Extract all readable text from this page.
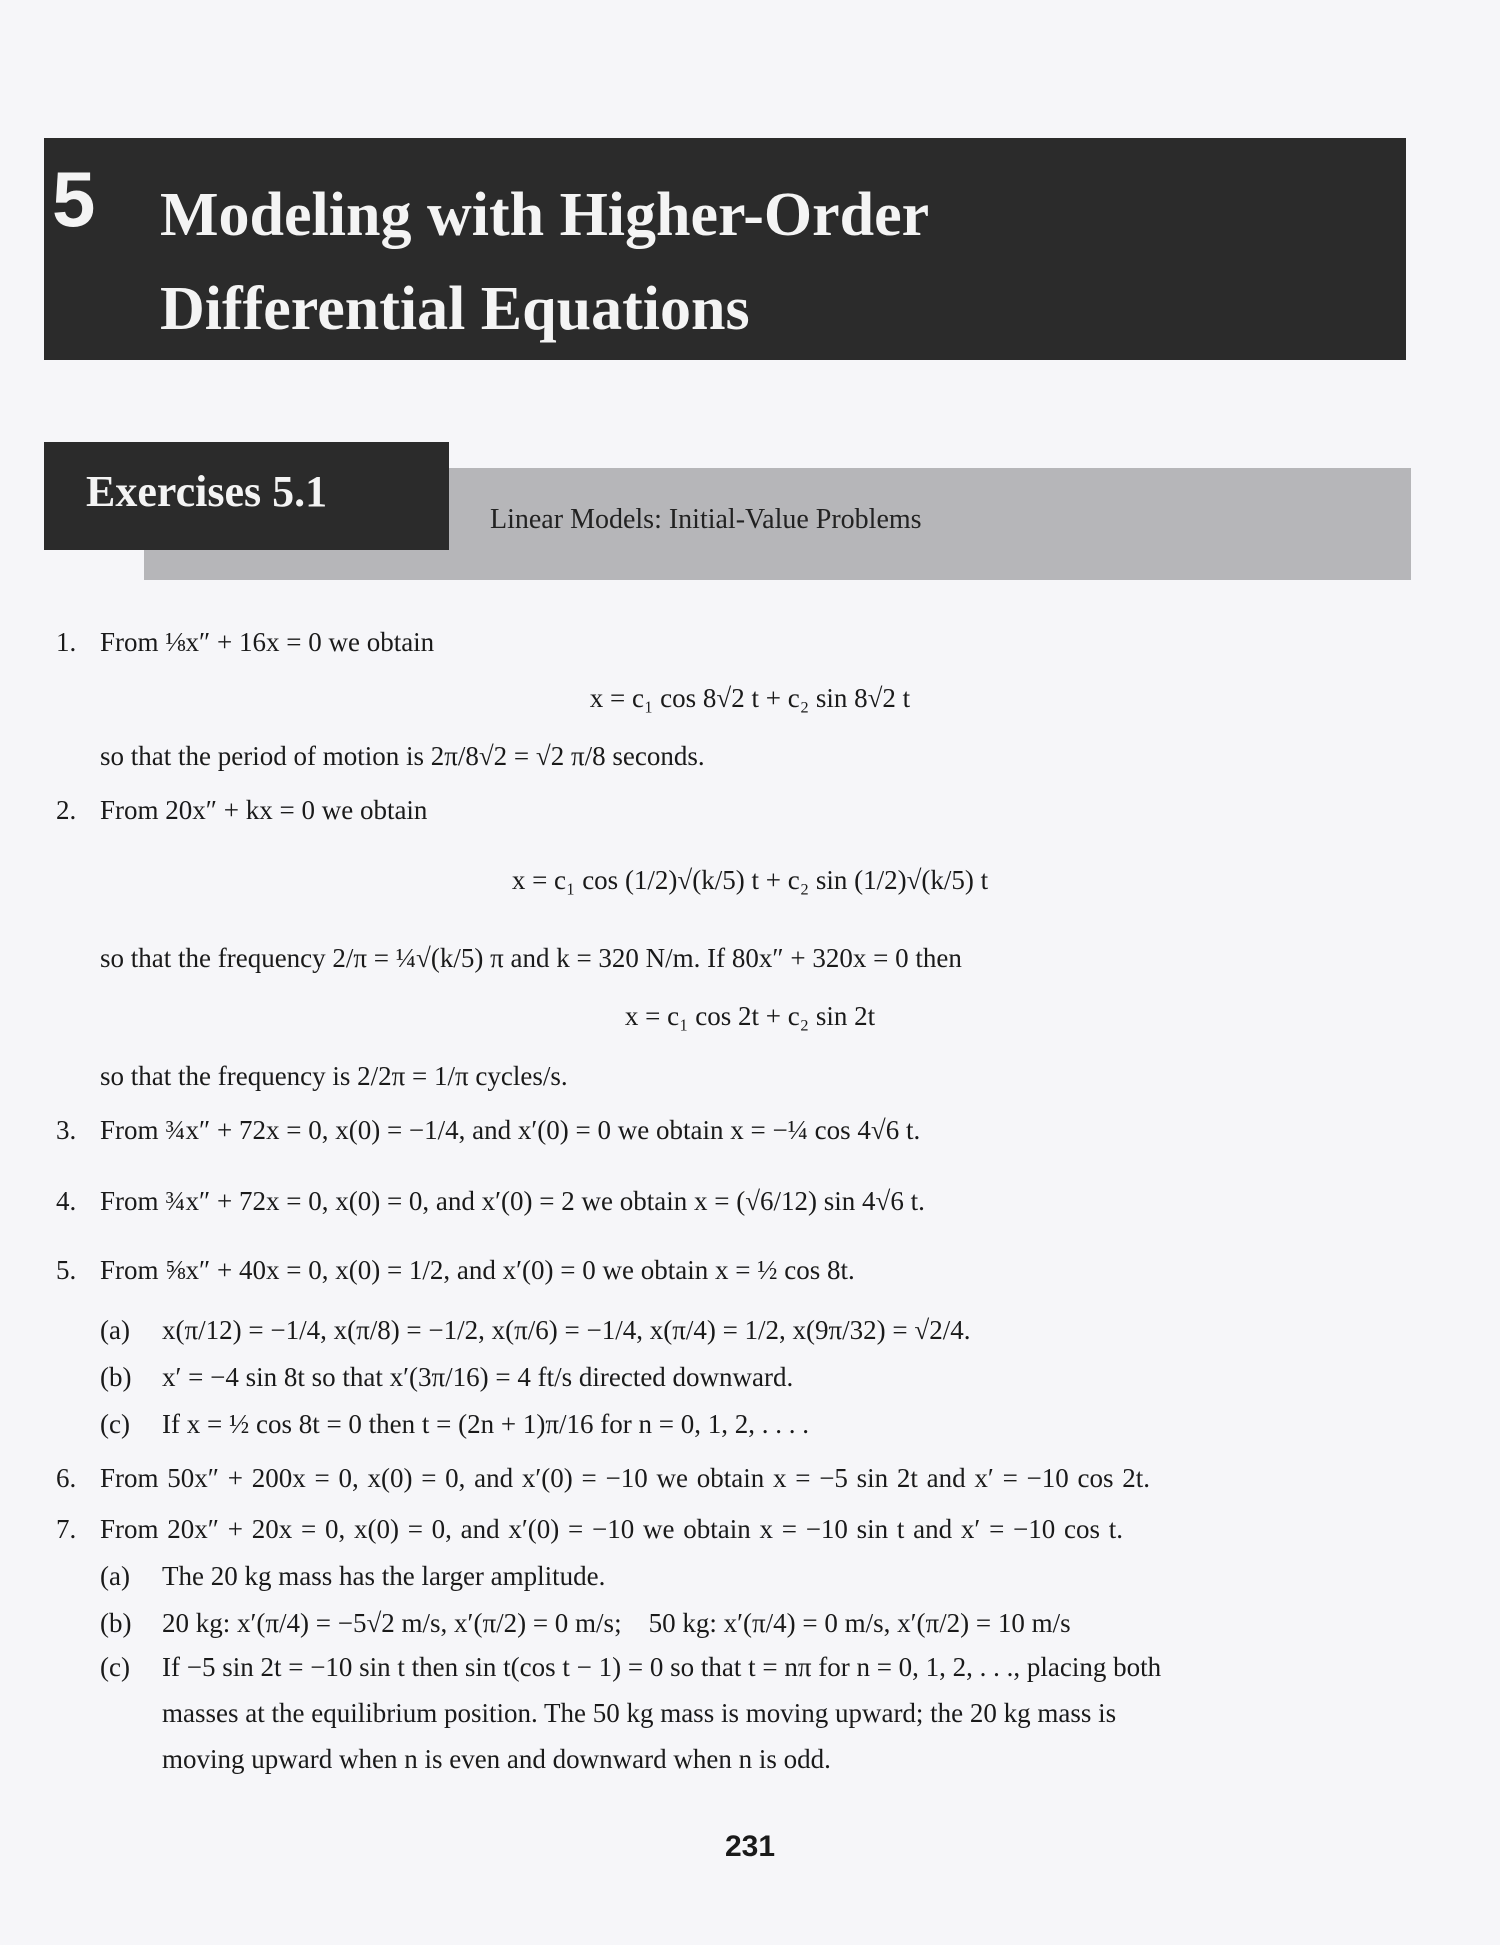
5 Modeling with Higher-Order
Differential Equations
Exercises 5.1
Linear Models: Initial-Value Problems
1. From ⅛x″ + 16x = 0 we obtain
x = c₁ cos 8√2 t + c₂ sin 8√2 t
so that the period of motion is 2π/8√2 = √2 π/8 seconds.
2. From 20x″ + kx = 0 we obtain
x = c₁ cos (1/2)√(k/5) t + c₂ sin (1/2)√(k/5) t
so that the frequency 2/π = ¼√(k/5) π and k = 320 N/m. If 80x″ + 320x = 0 then
x = c₁ cos 2t + c₂ sin 2t
so that the frequency is 2/2π = 1/π cycles/s.
3. From ¾x″ + 72x = 0, x(0) = −1/4, and x′(0) = 0 we obtain x = −¼ cos 4√6 t.
4. From ¾x″ + 72x = 0, x(0) = 0, and x′(0) = 2 we obtain x = (√6/12) sin 4√6 t.
5. From ⅝x″ + 40x = 0, x(0) = 1/2, and x′(0) = 0 we obtain x = ½ cos 8t.
(a) x(π/12) = −1/4, x(π/8) = −1/2, x(π/6) = −1/4, x(π/4) = 1/2, x(9π/32) = √2/4.
(b) x′ = −4 sin 8t so that x′(3π/16) = 4 ft/s directed downward.
(c) If x = ½ cos 8t = 0 then t = (2n + 1)π/16 for n = 0, 1, 2, . . . .
6. From 50x″ + 200x = 0, x(0) = 0, and x′(0) = −10 we obtain x = −5 sin 2t and x′ = −10 cos 2t.
7. From 20x″ + 20x = 0, x(0) = 0, and x′(0) = −10 we obtain x = −10 sin t and x′ = −10 cos t.
(a) The 20 kg mass has the larger amplitude.
(b) 20 kg: x′(π/4) = −5√2 m/s, x′(π/2) = 0 m/s;    50 kg: x′(π/4) = 0 m/s, x′(π/2) = 10 m/s
(c) If −5 sin 2t = −10 sin t then sin t(cos t − 1) = 0 so that t = nπ for n = 0, 1, 2, . . ., placing both
masses at the equilibrium position. The 50 kg mass is moving upward; the 20 kg mass is
moving upward when n is even and downward when n is odd.
231
